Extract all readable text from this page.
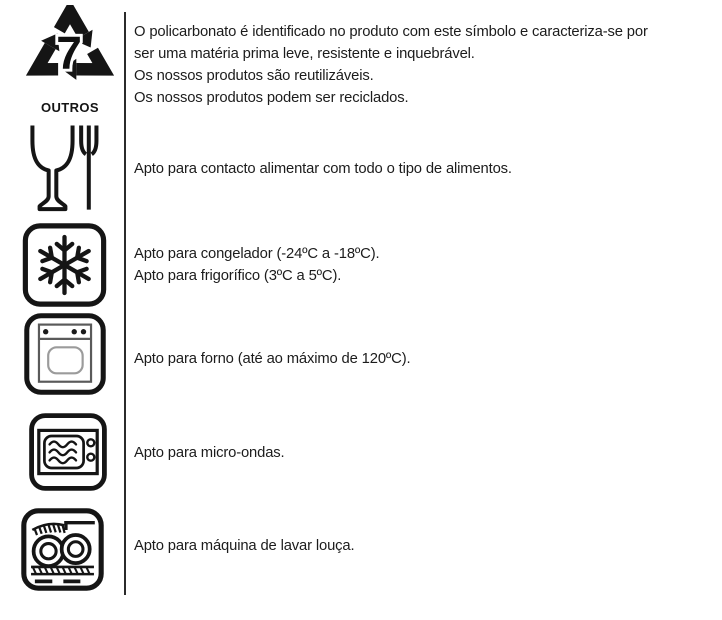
7
OUTROS
O policarbonato é identificado no produto com este símbolo e caracteriza-se por
ser uma matéria prima leve, resistente e inquebrável.
Os nossos produtos são reutilizáveis.
Os nossos produtos podem ser reciclados.
Apto para contacto alimentar com todo o tipo de alimentos.
Apto para congelador (-24ºC a -18ºC).
Apto para frigorífico (3ºC a 5ºC).
Apto para forno (até ao máximo de 120ºC).
Apto para micro-ondas.
Apto para máquina de lavar louça.
